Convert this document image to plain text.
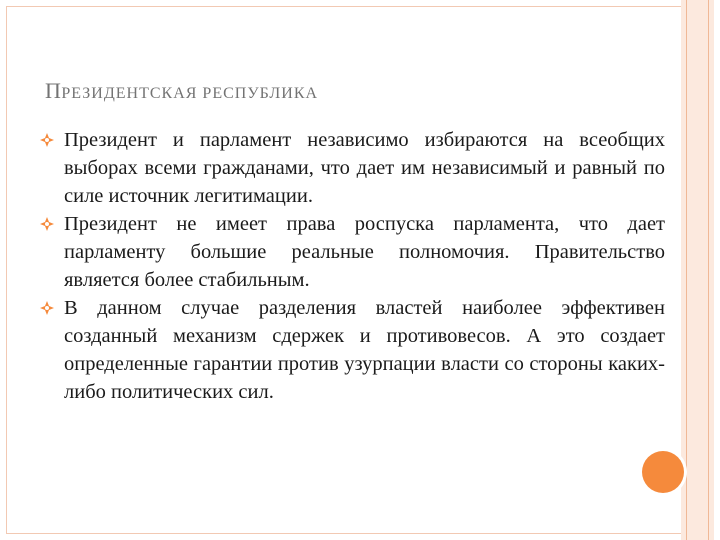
ПРЕЗИДЕНТСКАЯ РЕСПУБЛИКА
Президент и парламент независимо избираются на всеобщих выборах всеми гражданами, что дает им независимый и равный по силе источник легитимации.
Президент не имеет права роспуска парламента, что дает парламенту большие реальные полномочия. Правительство является более стабильным.
В данном случае разделения властей наиболее эффективен созданный механизм сдержек и противовесов. А это создает определенные гарантии против узурпации власти со стороны каких-либо политических сил.
